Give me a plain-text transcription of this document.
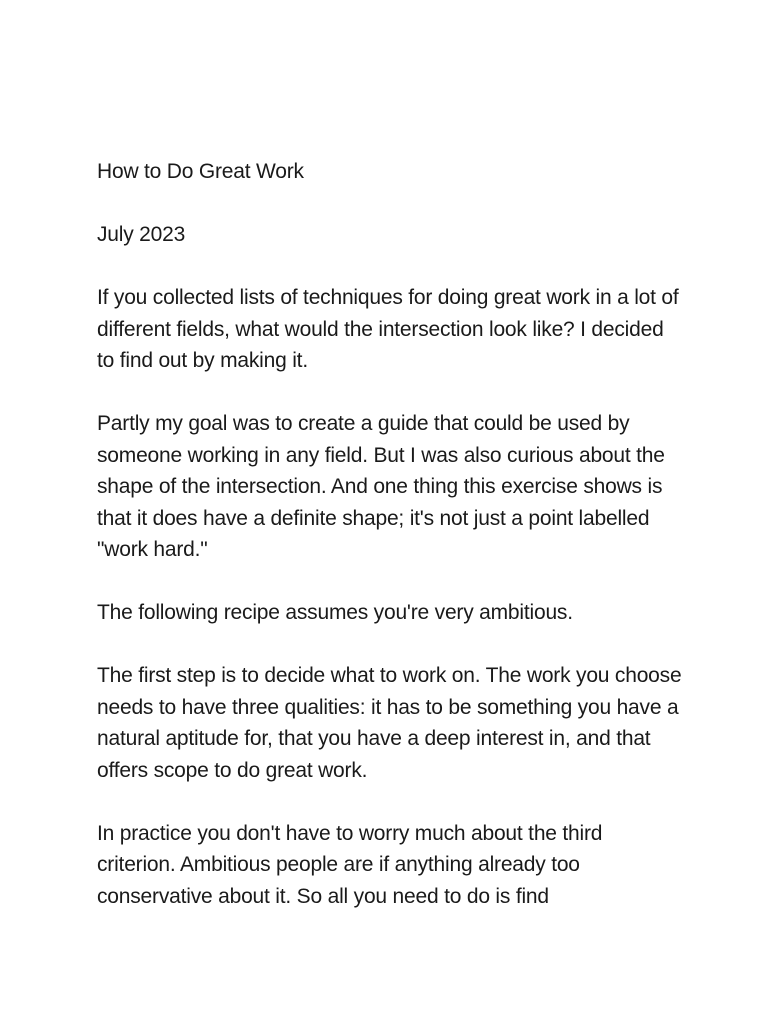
How to Do Great Work

July 2023

If you collected lists of techniques for doing great work in a lot of different fields, what would the intersection look like? I decided to find out by making it.

Partly my goal was to create a guide that could be used by someone working in any field. But I was also curious about the shape of the intersection. And one thing this exercise shows is that it does have a definite shape; it's not just a point labelled "work hard."

The following recipe assumes you're very ambitious.

The first step is to decide what to work on. The work you choose needs to have three qualities: it has to be something you have a natural aptitude for, that you have a deep interest in, and that offers scope to do great work.

In practice you don't have to worry much about the third criterion. Ambitious people are if anything already too conservative about it. So all you need to do is find
